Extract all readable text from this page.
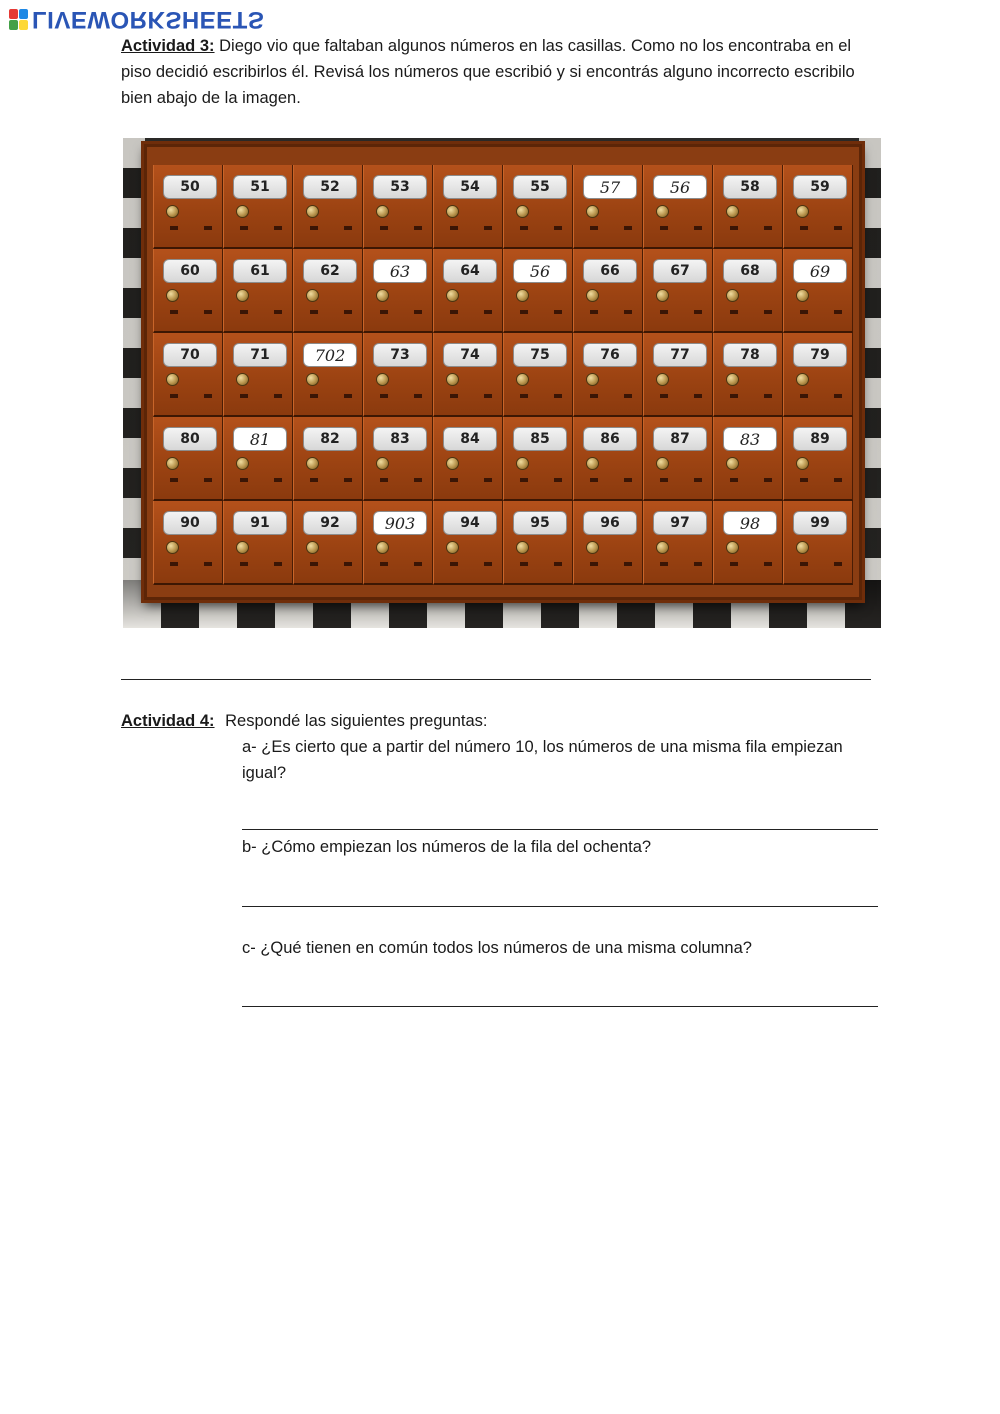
LIVEWORKSHEETS
Actividad 3: Diego vio que faltaban algunos números en las casillas. Como no los encontraba en el piso decidió escribirlos él. Revisá los números que escribió y si encontrás alguno incorrecto escribilo bien abajo de la imagen.
50	51	52	53	54	55	57	56	58	59
60	61	62	63	64	56	66	67	68	69
70	71	702	73	74	75	76	77	78	79
80	81	82	83	84	85	86	87	83	89
90	91	92	903	94	95	96	97	98	99
Actividad 4: Respondé las siguientes preguntas:
a- ¿Es cierto que a partir del número 10, los números de una misma fila empiezan igual?
b- ¿Cómo empiezan los números de la fila del ochenta?
c- ¿Qué tienen en común todos los números de una misma columna?
